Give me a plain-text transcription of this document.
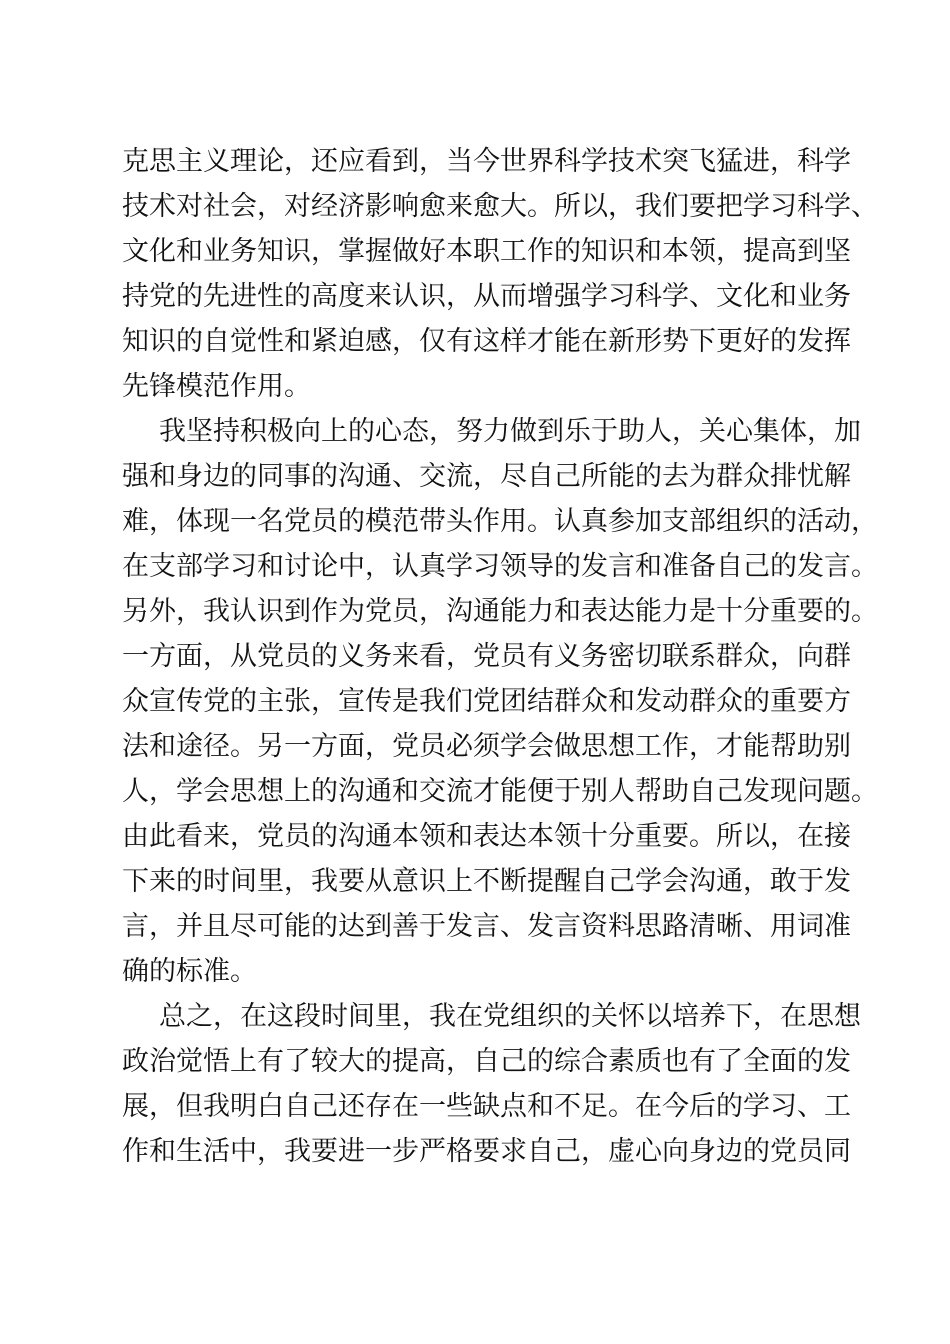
克思主义理论，还应看到，当今世界科学技术突飞猛进，科学
技术对社会，对经济影响愈来愈大。所以，我们要把学习科学、
文化和业务知识，掌握做好本职工作的知识和本领，提高到坚
持党的先进性的高度来认识，从而增强学习科学、文化和业务
知识的自觉性和紧迫感，仅有这样才能在新形势下更好的发挥
先锋模范作用。
我坚持积极向上的心态，努力做到乐于助人，关心集体，加
强和身边的同事的沟通、交流，尽自己所能的去为群众排忧解
难，体现一名党员的模范带头作用。认真参加支部组织的活动，
在支部学习和讨论中，认真学习领导的发言和准备自己的发言。
另外，我认识到作为党员，沟通能力和表达能力是十分重要的。
一方面，从党员的义务来看，党员有义务密切联系群众，向群
众宣传党的主张，宣传是我们党团结群众和发动群众的重要方
法和途径。另一方面，党员必须学会做思想工作，才能帮助别
人，学会思想上的沟通和交流才能便于别人帮助自己发现问题。
由此看来，党员的沟通本领和表达本领十分重要。所以，在接
下来的时间里，我要从意识上不断提醒自己学会沟通，敢于发
言，并且尽可能的达到善于发言、发言资料思路清晰、用词准
确的标准。
总之，在这段时间里，我在党组织的关怀以培养下，在思想
政治觉悟上有了较大的提高，自己的综合素质也有了全面的发
展，但我明白自己还存在一些缺点和不足。在今后的学习、工
作和生活中，我要进一步严格要求自己，虚心向身边的党员同
